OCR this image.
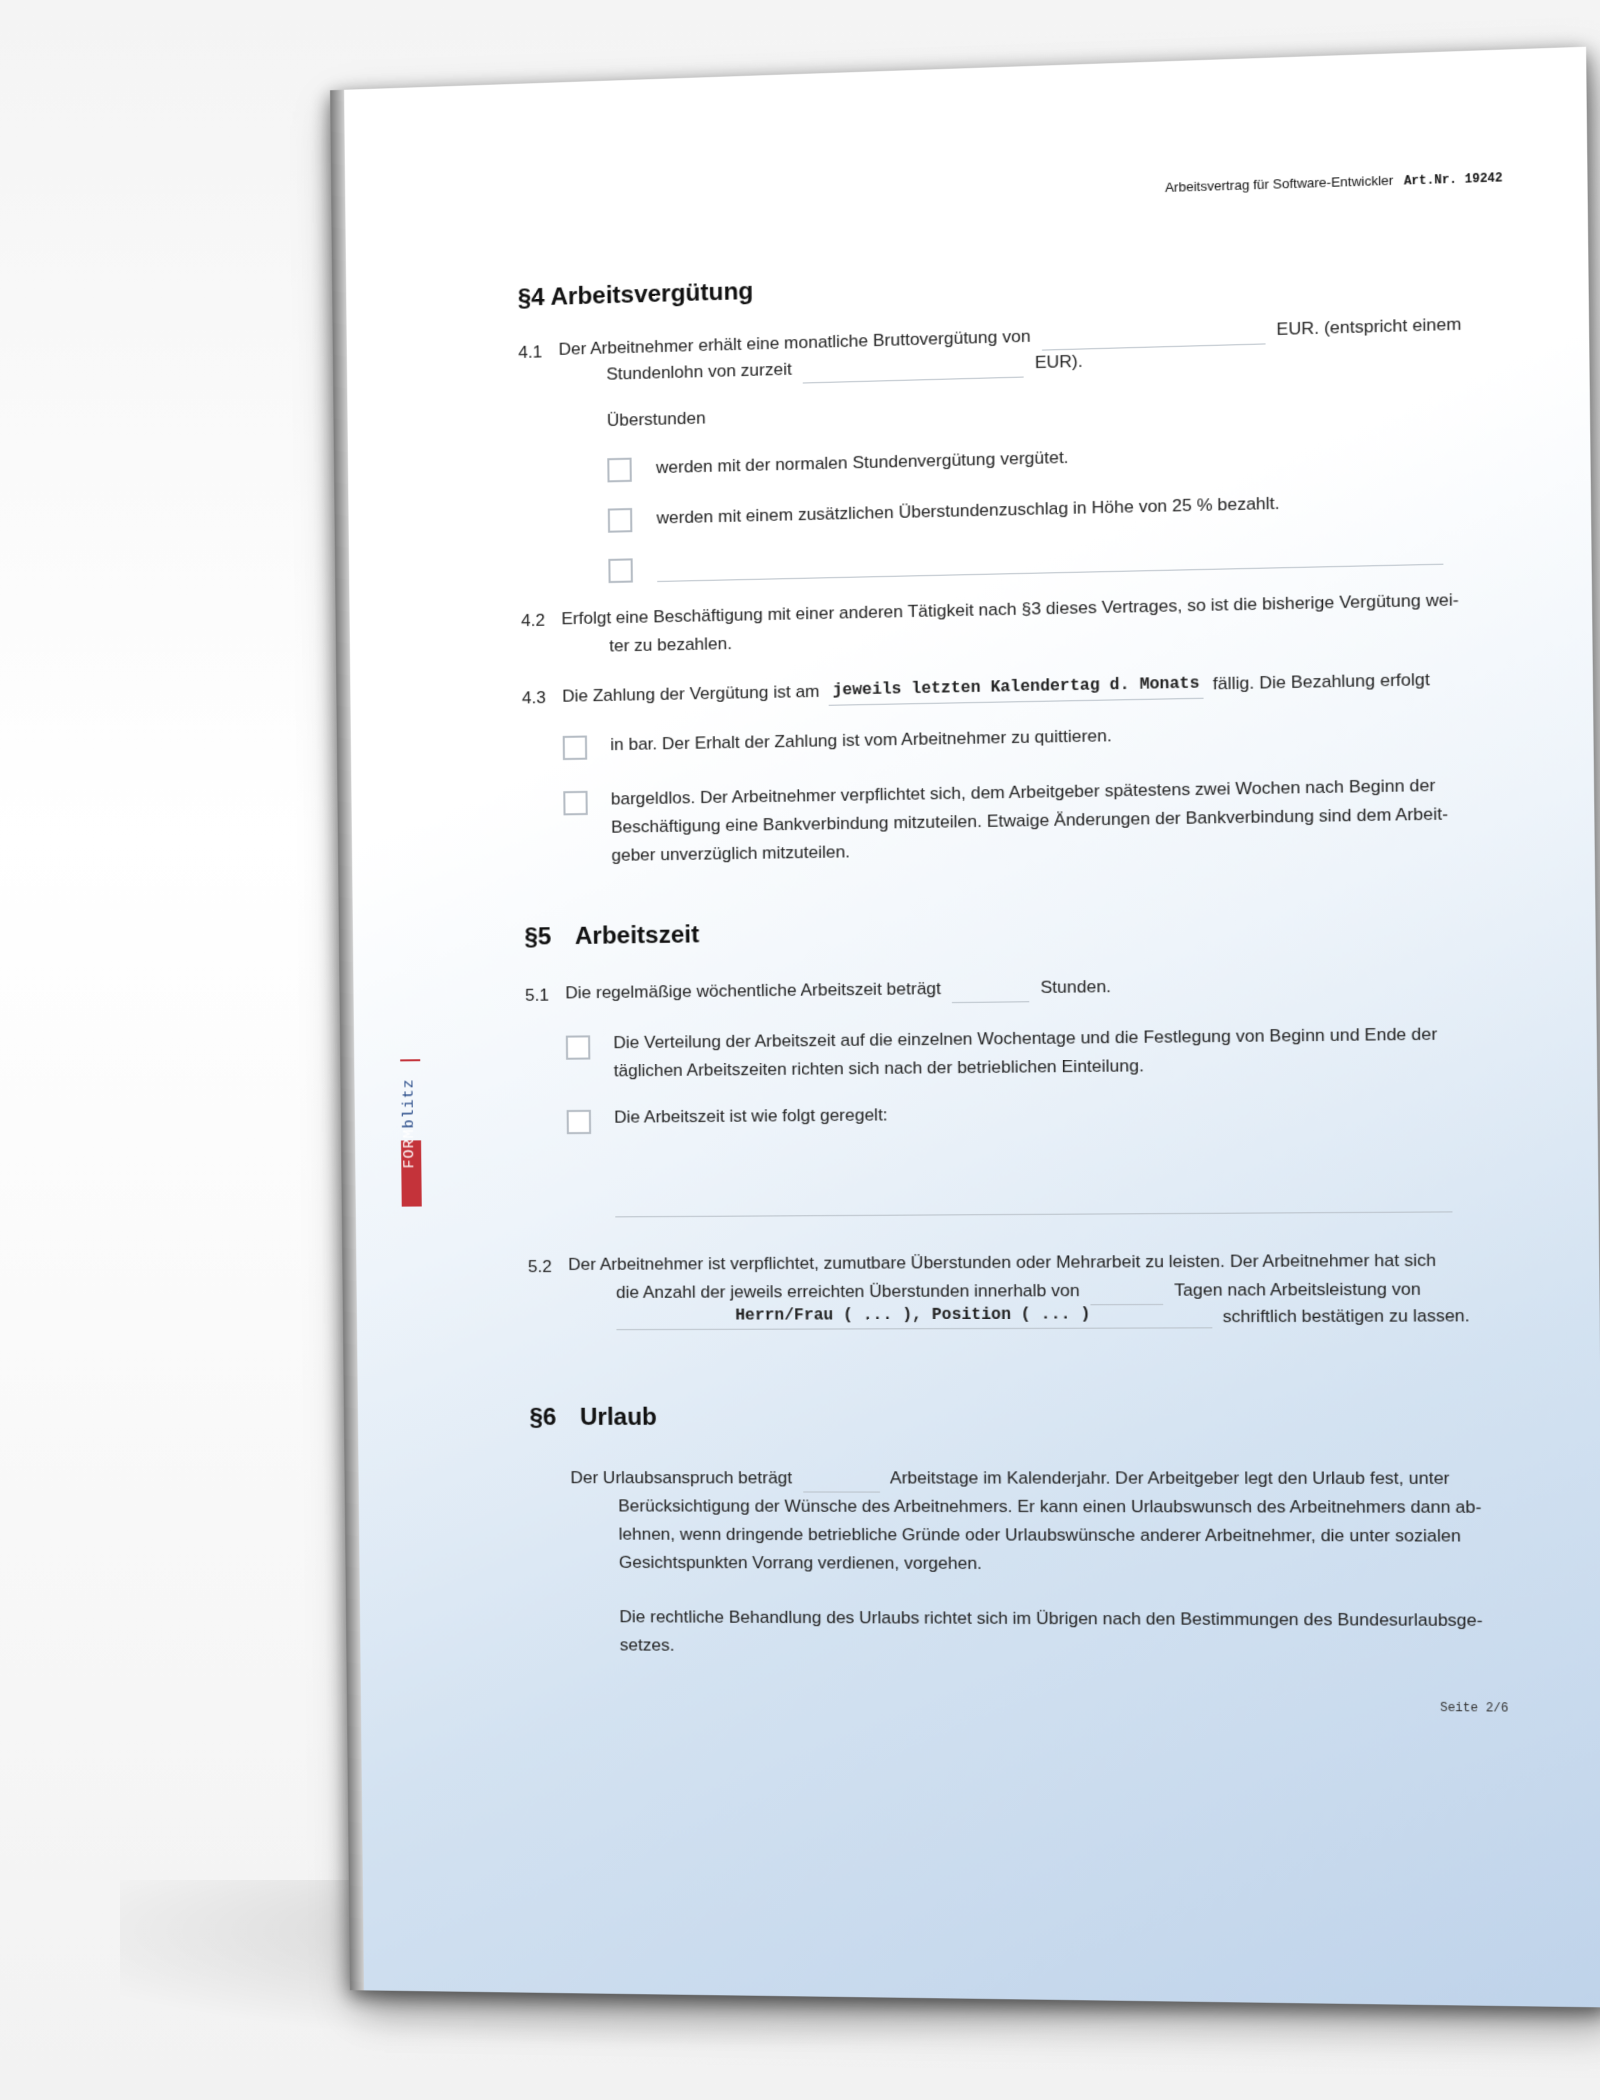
Arbeitsvertrag für Software-Entwickler Art.Nr. 19242
FORMblitz
§4 Arbeitsvergütung
4.1 Der Arbeitnehmer erhält eine monatliche Bruttovergütung von	EUR. (entspricht einem
Stundenlohn von zurzeit	EUR).
Überstunden
werden mit der normalen Stundenvergütung vergütet.
werden mit einem zusätzlichen Überstundenzuschlag in Höhe von 25 % bezahlt.
4.2 Erfolgt eine Beschäftigung mit einer anderen Tätigkeit nach §3 dieses Vertrages, so ist die bisherige Vergütung wei-
ter zu bezahlen.
4.3 Die Zahlung der Vergütung ist am jeweils letzten Kalendertag d. Monats fällig. Die Bezahlung erfolgt
in bar. Der Erhalt der Zahlung ist vom Arbeitnehmer zu quittieren.
bargeldlos. Der Arbeitnehmer verpflichtet sich, dem Arbeitgeber spätestens zwei Wochen nach Beginn der
Beschäftigung eine Bankverbindung mitzuteilen. Etwaige Änderungen der Bankverbindung sind dem Arbeit-
geber unverzüglich mitzuteilen.
§5 Arbeitszeit
5.1 Die regelmäßige wöchentliche Arbeitszeit beträgt	Stunden.
Die Verteilung der Arbeitszeit auf die einzelnen Wochentage und die Festlegung von Beginn und Ende der
täglichen Arbeitszeiten richten sich nach der betrieblichen Einteilung.
Die Arbeitszeit ist wie folgt geregelt:
5.2 Der Arbeitnehmer ist verpflichtet, zumutbare Überstunden oder Mehrarbeit zu leisten. Der Arbeitnehmer hat sich
die Anzahl der jeweils erreichten Überstunden innerhalb von	Tagen nach Arbeitsleistung von
Herrn/Frau ( ... ), Position ( ... )	schriftlich bestätigen zu lassen.
§6 Urlaub
Der Urlaubsanspruch beträgt	Arbeitstage im Kalenderjahr. Der Arbeitgeber legt den Urlaub fest, unter
Berücksichtigung der Wünsche des Arbeitnehmers. Er kann einen Urlaubswunsch des Arbeitnehmers dann ab-
lehnen, wenn dringende betriebliche Gründe oder Urlaubswünsche anderer Arbeitnehmer, die unter sozialen
Gesichtspunkten Vorrang verdienen, vorgehen.
Die rechtliche Behandlung des Urlaubs richtet sich im Übrigen nach den Bestimmungen des Bundesurlaubsge-
setzes.
Seite 2/6
